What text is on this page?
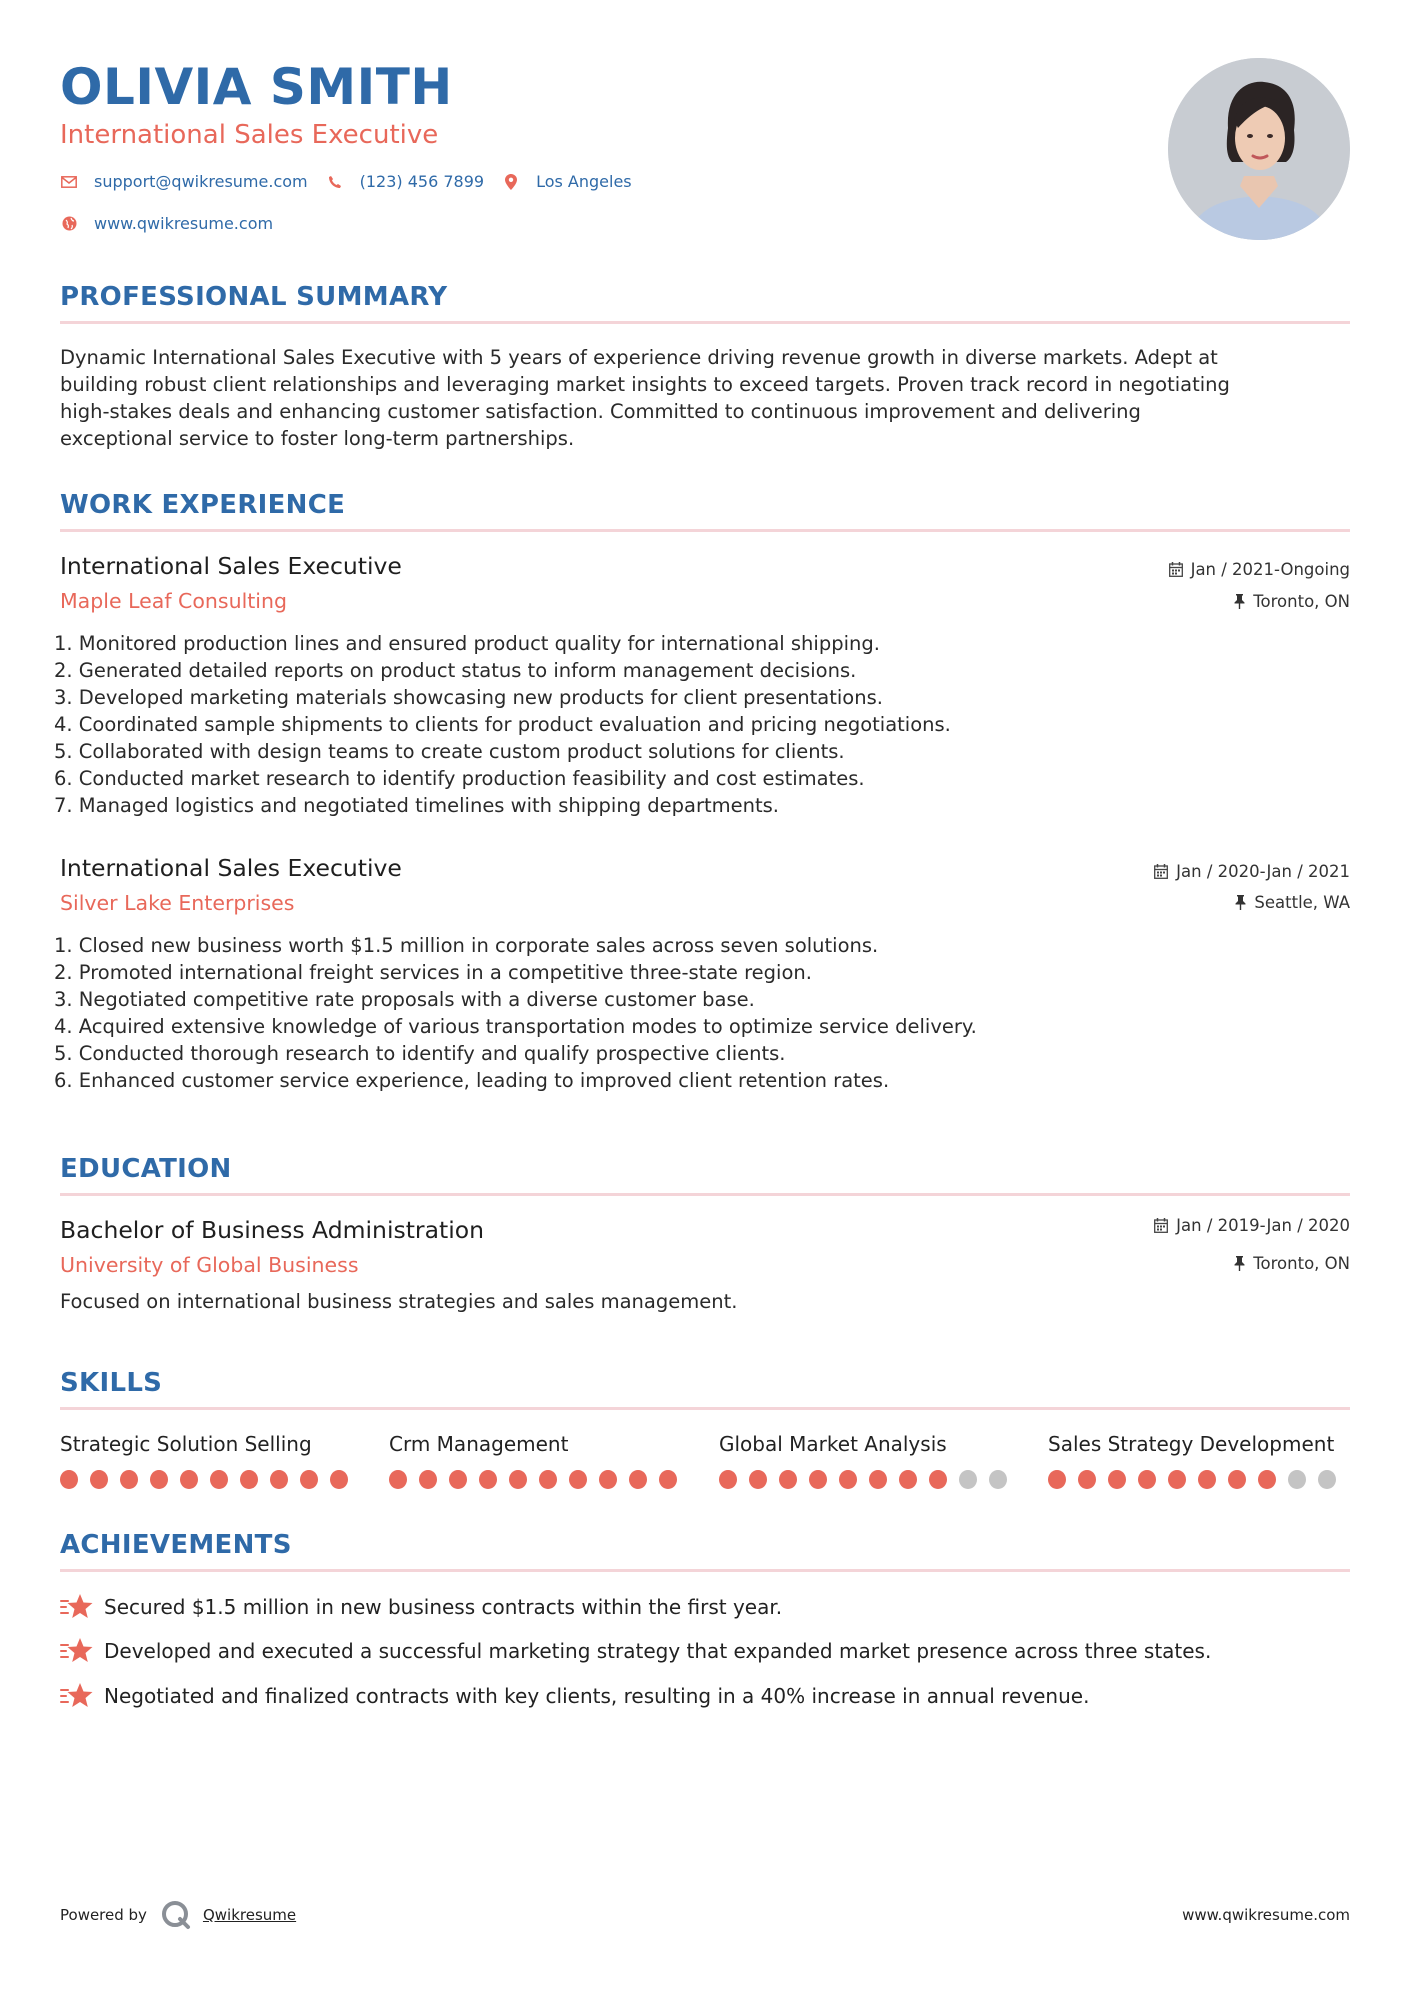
OLIVIA SMITH
International Sales Executive
support@qwikresume.com	(123) 456 7899	Los Angeles
www.qwikresume.com
PROFESSIONAL SUMMARY
Dynamic International Sales Executive with 5 years of experience driving revenue growth in diverse markets. Adept at
building robust client relationships and leveraging market insights to exceed targets. Proven track record in negotiating
high-stakes deals and enhancing customer satisfaction. Committed to continuous improvement and delivering
exceptional service to foster long-term partnerships.
WORK EXPERIENCE
International Sales Executive
Maple Leaf Consulting
Jan / 2021-Ongoing
Toronto, ON
1. Monitored production lines and ensured product quality for international shipping.
2. Generated detailed reports on product status to inform management decisions.
3. Developed marketing materials showcasing new products for client presentations.
4. Coordinated sample shipments to clients for product evaluation and pricing negotiations.
5. Collaborated with design teams to create custom product solutions for clients.
6. Conducted market research to identify production feasibility and cost estimates.
7. Managed logistics and negotiated timelines with shipping departments.
International Sales Executive
Silver Lake Enterprises
Jan / 2020-Jan / 2021
Seattle, WA
1. Closed new business worth $1.5 million in corporate sales across seven solutions.
2. Promoted international freight services in a competitive three-state region.
3. Negotiated competitive rate proposals with a diverse customer base.
4. Acquired extensive knowledge of various transportation modes to optimize service delivery.
5. Conducted thorough research to identify and qualify prospective clients.
6. Enhanced customer service experience, leading to improved client retention rates.
EDUCATION
Bachelor of Business Administration
University of Global Business
Jan / 2019-Jan / 2020
Toronto, ON
Focused on international business strategies and sales management.
SKILLS
Strategic Solution Selling	Crm Management	Global Market Analysis	Sales Strategy Development
ACHIEVEMENTS
Secured $1.5 million in new business contracts within the first year.
Developed and executed a successful marketing strategy that expanded market presence across three states.
Negotiated and finalized contracts with key clients, resulting in a 40% increase in annual revenue.
Powered by	Qwikresume	www.qwikresume.com
